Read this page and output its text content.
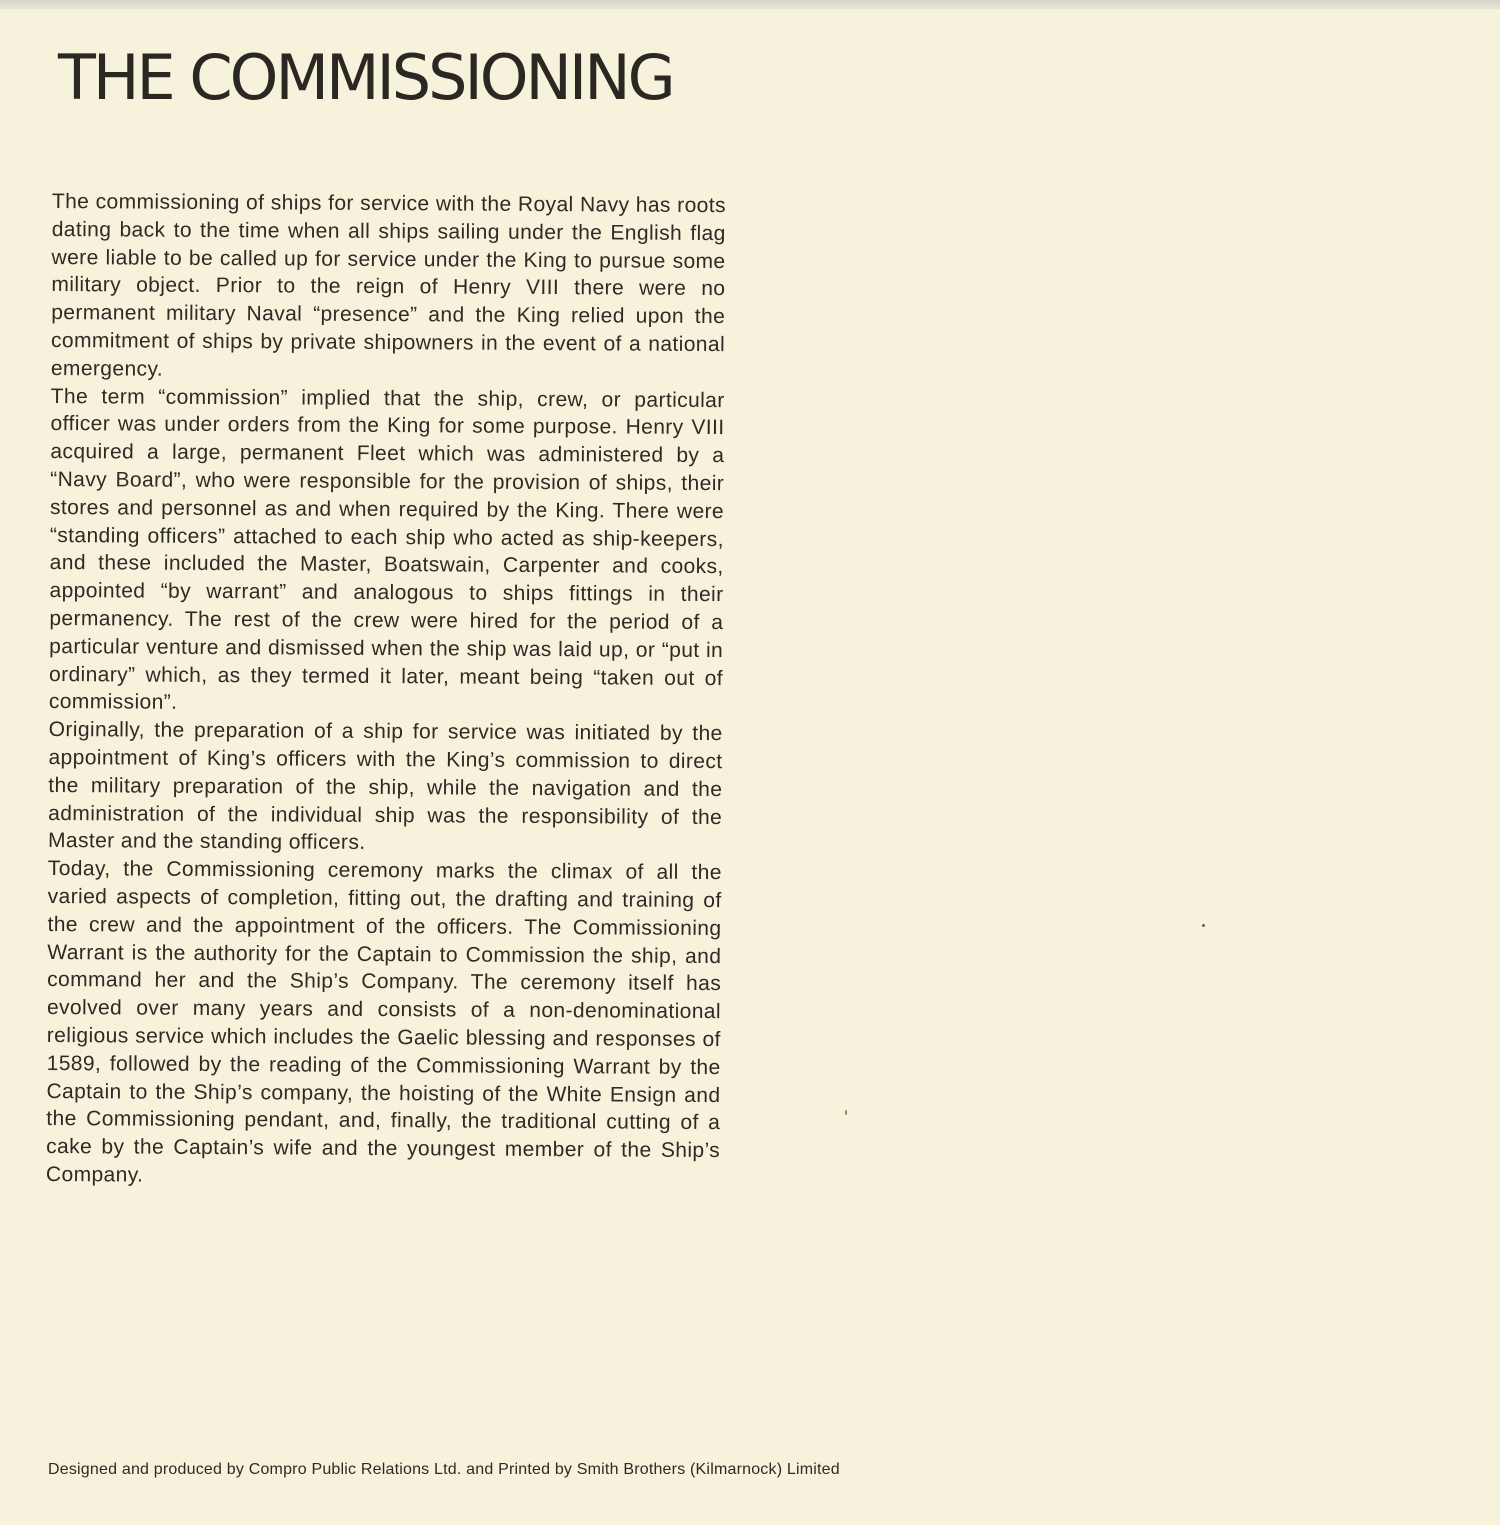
THE COMMISSIONING

The commissioning of ships for service with the Royal Navy has roots dating back to the time when all ships sailing under the English flag were liable to be called up for service under the King to pursue some military object. Prior to the reign of Henry VIII there were no permanent military Naval “presence” and the King relied upon the commitment of ships by private shipowners in the event of a national emergency.

The term “commission” implied that the ship, crew, or particular officer was under orders from the King for some purpose. Henry VIII acquired a large, permanent Fleet which was administered by a “Navy Board”, who were responsible for the provision of ships, their stores and personnel as and when required by the King. There were “standing officers” attached to each ship who acted as ship-keepers, and these included the Master, Boatswain, Carpenter and cooks, appointed “by warrant” and analogous to ships fittings in their permanency. The rest of the crew were hired for the period of a particular venture and dismissed when the ship was laid up, or “put in ordinary” which, as they termed it later, meant being “taken out of commission”.

Originally, the preparation of a ship for service was initiated by the appointment of King’s officers with the King’s commission to direct the military preparation of the ship, while the navigation and the administration of the individual ship was the responsibility of the Master and the standing officers.

Today, the Commissioning ceremony marks the climax of all the varied aspects of completion, fitting out, the drafting and training of the crew and the appointment of the officers. The Commissioning Warrant is the authority for the Captain to Commission the ship, and command her and the Ship’s Company. The ceremony itself has evolved over many years and consists of a non-denominational religious service which includes the Gaelic blessing and responses of 1589, followed by the reading of the Commissioning Warrant by the Captain to the Ship’s company, the hoisting of the White Ensign and the Commissioning pendant, and, finally, the traditional cutting of a cake by the Captain’s wife and the youngest member of the Ship’s Company.

Designed and produced by Compro Public Relations Ltd. and Printed by Smith Brothers (Kilmarnock) Limited
